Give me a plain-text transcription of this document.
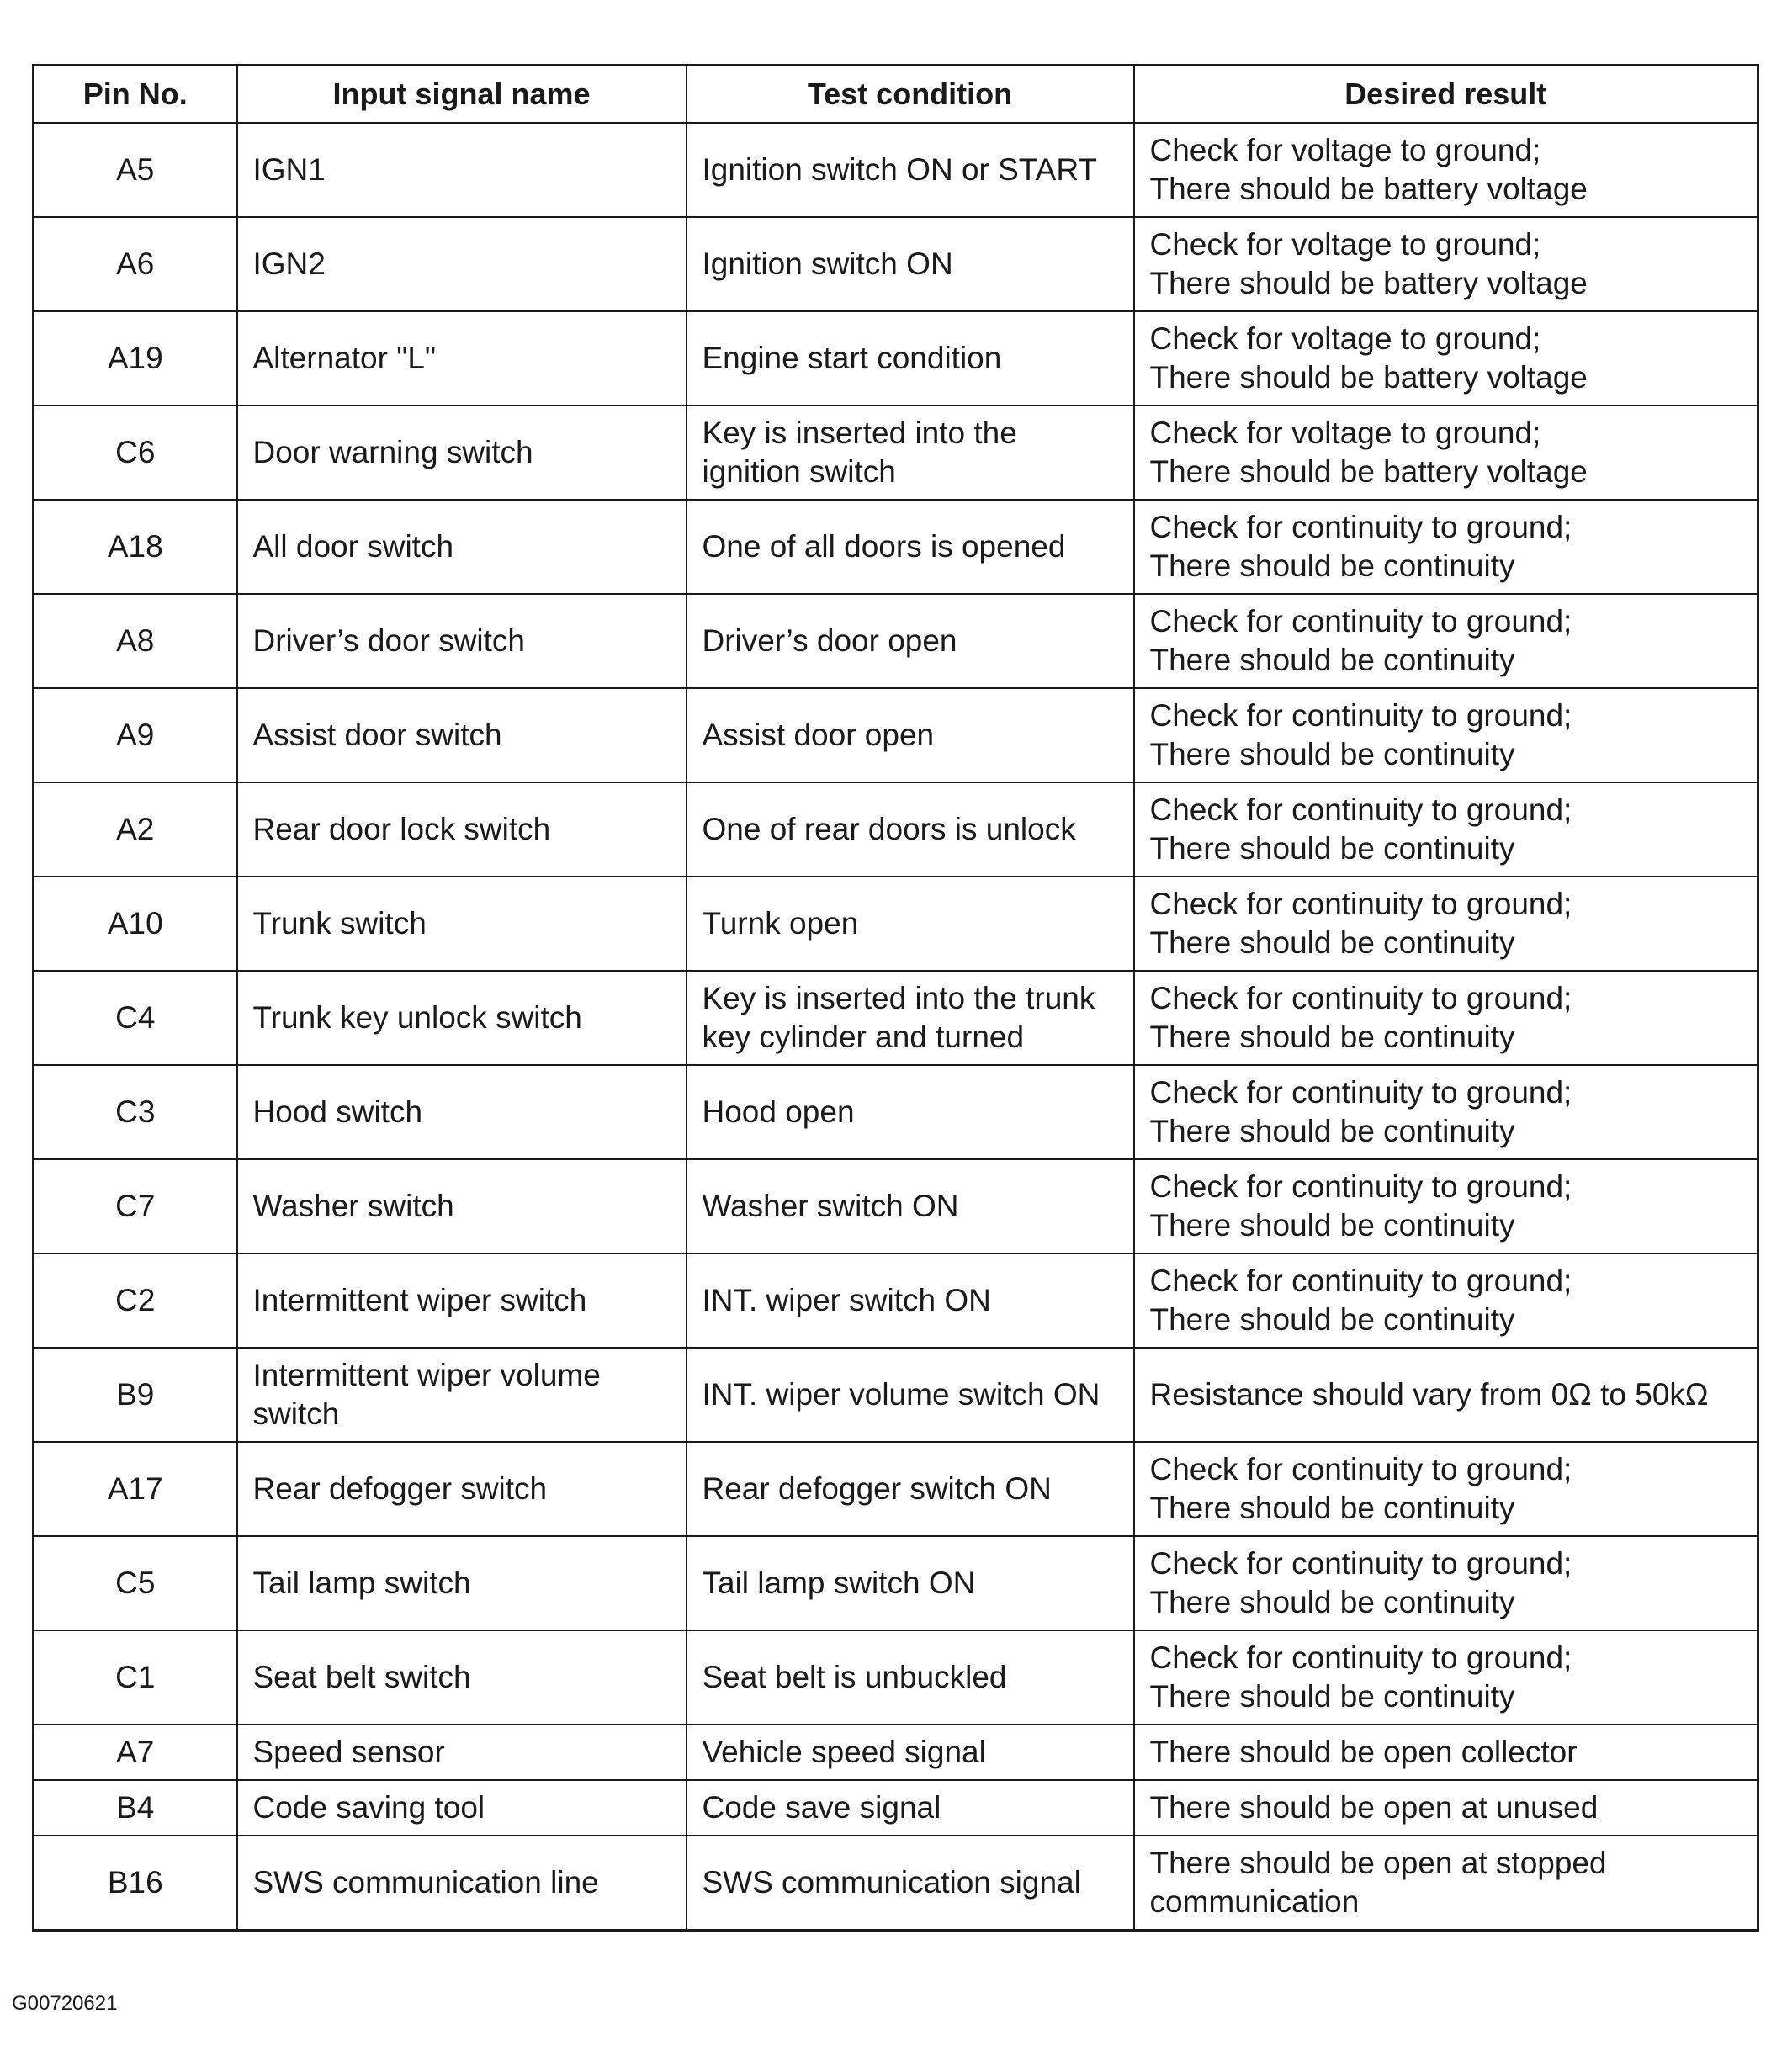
Pin No.	Input signal name	Test condition	Desired result
A5	IGN1	Ignition switch ON or START	Check for voltage to ground;
There should be battery voltage

A6	IGN2	Ignition switch ON	Check for voltage to ground;
There should be battery voltage

A19	Alternator "L"	Engine start condition	Check for voltage to ground;
There should be battery voltage

C6	Door warning switch	Key is inserted into the
ignition switch	Check for voltage to ground;
There should be battery voltage

A18	All door switch	One of all doors is opened	Check for continuity to ground;
There should be continuity

A8	Driver’s door switch	Driver’s door open	Check for continuity to ground;
There should be continuity

A9	Assist door switch	Assist door open	Check for continuity to ground;
There should be continuity

A2	Rear door lock switch	One of rear doors is unlock	Check for continuity to ground;
There should be continuity

A10	Trunk switch	Turnk open	Check for continuity to ground;
There should be continuity

C4	Trunk key unlock switch	Key is inserted into the trunk
key cylinder and turned	Check for continuity to ground;
There should be continuity

C3	Hood switch	Hood open	Check for continuity to ground;
There should be continuity

C7	Washer switch	Washer switch ON	Check for continuity to ground;
There should be continuity

C2	Intermittent wiper switch	INT. wiper switch ON	Check for continuity to ground;
There should be continuity

B9	Intermittent wiper volume
switch	INT. wiper volume switch ON	Resistance should vary from 0Ω to 50kΩ

A17	Rear defogger switch	Rear defogger switch ON	Check for continuity to ground;
There should be continuity

C5	Tail lamp switch	Tail lamp switch ON	Check for continuity to ground;
There should be continuity

C1	Seat belt switch	Seat belt is unbuckled	Check for continuity to ground;
There should be continuity

A7	Speed sensor	Vehicle speed signal	There should be open collector

B4	Code saving tool	Code save signal	There should be open at unused

B16	SWS communication line	SWS communication signal	There should be open at stopped
communication
G00720621
